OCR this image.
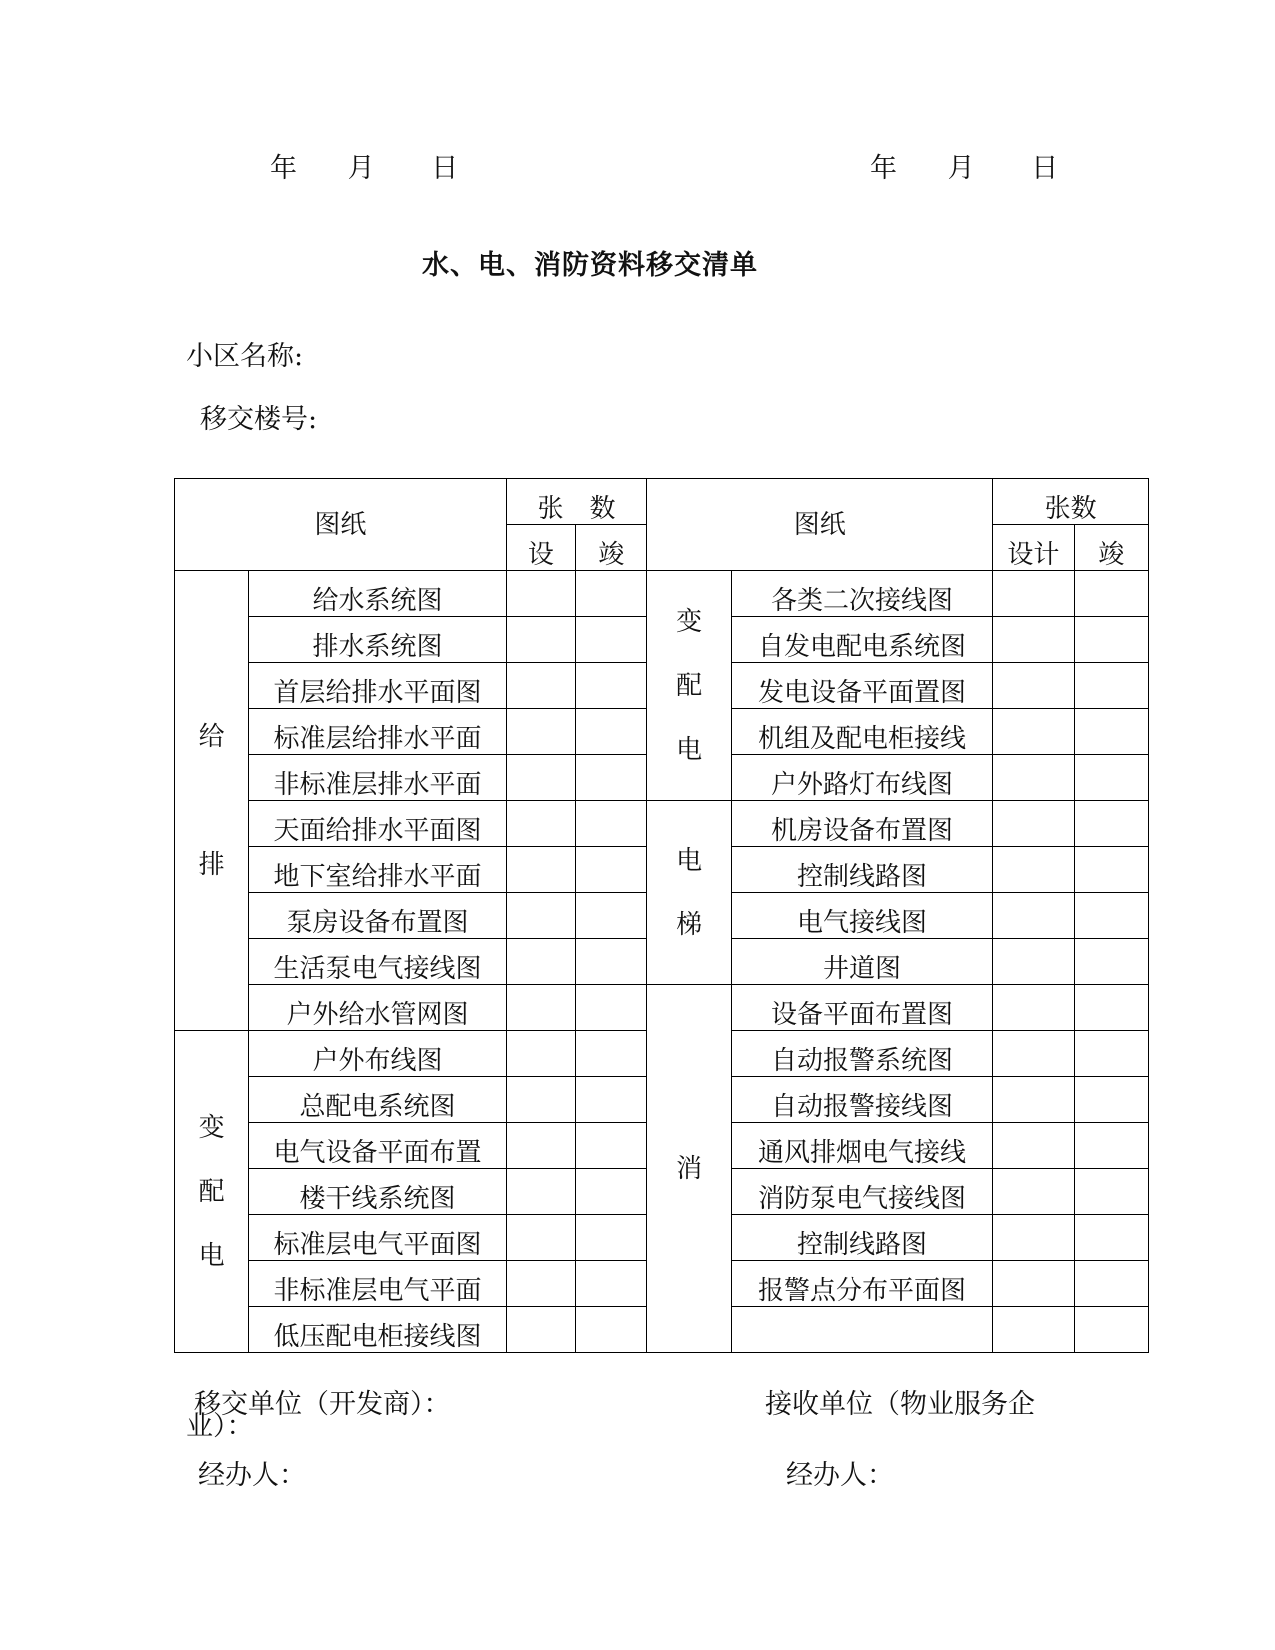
年 月 日	年 月 日
水、电、消防资料移交清单
小区名称:
移交楼号:
图纸		张　数		图纸		张数	
		设	竣			设计	竣
给排	给水系统图			变配电	各类二次接线图		
	排水系统图				自发电配电系统图		
	首层给排水平面图				发电设备平面置图		
	标准层给排水平面				机组及配电柜接线		
	非标准层排水平面				户外路灯布线图		
	天面给排水平面图			电梯	机房设备布置图		
	地下室给排水平面				控制线路图		
	泵房设备布置图				电气接线图		
	生活泵电气接线图				井道图		
	户外给水管网图			消	设备平面布置图		
变配电	户外布线图				自动报警系统图		
	总配电系统图				自动报警接线图		
	电气设备平面布置				通风排烟电气接线		
	楼干线系统图				消防泵电气接线图		
	标准层电气平面图				控制线路图		
	非标准层电气平面				报警点分布平面图		
	低压配电柜接线图						
移交单位（开发商）：	接收单位（物业服务企
业）：
经办人：	经办人：
